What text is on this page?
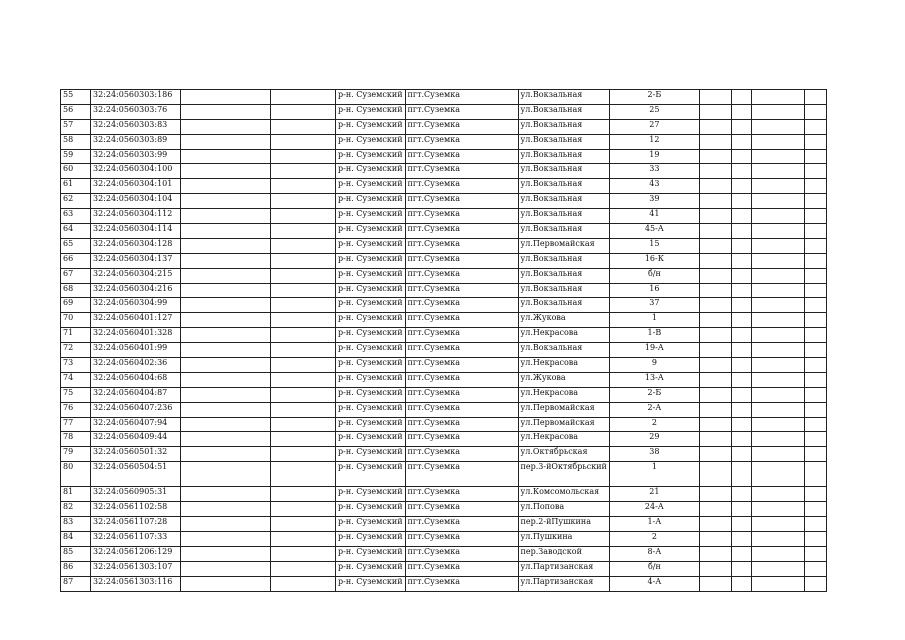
55	32:24:0560303:186			р-н. Суземский	пгт.Суземка	ул.Вокзальная	2-Б				
56	32:24:0560303:76			р-н. Суземский	пгт.Суземка	ул.Вокзальная	25				
57	32:24:0560303:83			р-н. Суземский	пгт.Суземка	ул.Вокзальная	27				
58	32:24:0560303:89			р-н. Суземский	пгт.Суземка	ул.Вокзальная	12				
59	32:24:0560303:99			р-н. Суземский	пгт.Суземка	ул.Вокзальная	19				
60	32:24:0560304:100			р-н. Суземский	пгт.Суземка	ул.Вокзальная	33				
61	32:24:0560304:101			р-н. Суземский	пгт.Суземка	ул.Вокзальная	43				
62	32:24:0560304:104			р-н. Суземский	пгт.Суземка	ул.Вокзальная	39				
63	32:24:0560304:112			р-н. Суземский	пгт.Суземка	ул.Вокзальная	41				
64	32:24:0560304:114			р-н. Суземский	пгт.Суземка	ул.Вокзальная	45-А				
65	32:24:0560304:128			р-н. Суземский	пгт.Суземка	ул.Первомайская	15				
66	32:24:0560304:137			р-н. Суземский	пгт.Суземка	ул.Вокзальная	16-К				
67	32:24:0560304:215			р-н. Суземский	пгт.Суземка	ул.Вокзальная	б/н				
68	32:24:0560304:216			р-н. Суземский	пгт.Суземка	ул.Вокзальная	16				
69	32:24:0560304:99			р-н. Суземский	пгт.Суземка	ул.Вокзальная	37				
70	32:24:0560401:127			р-н. Суземский	пгт.Суземка	ул.Жукова	1				
71	32:24:0560401:328			р-н. Суземский	пгт.Суземка	ул.Некрасова	1-В				
72	32:24:0560401:99			р-н. Суземский	пгт.Суземка	ул.Вокзальная	19-А				
73	32:24:0560402:36			р-н. Суземский	пгт.Суземка	ул.Некрасова	9				
74	32:24:0560404:68			р-н. Суземский	пгт.Суземка	ул.Жукова	13-А				
75	32:24:0560404:87			р-н. Суземский	пгт.Суземка	ул.Некрасова	2-Б				
76	32:24:0560407:236			р-н. Суземский	пгт.Суземка	ул.Первомайская	2-А				
77	32:24:0560407:94			р-н. Суземский	пгт.Суземка	ул.Первомайская	2				
78	32:24:0560409:44			р-н. Суземский	пгт.Суземка	ул.Некрасова	29				
79	32:24:0560501:32			р-н. Суземский	пгт.Суземка	ул.Октябрьская	38				
80	32:24:0560504:51			р-н. Суземский	пгт.Суземка	пер.3-йОктябрьский	1				
81	32:24:0560905:31			р-н. Суземский	пгт.Суземка	ул.Комсомольская	21				
82	32:24:0561102:58			р-н. Суземский	пгт.Суземка	ул.Попова	24-А				
83	32:24:0561107:28			р-н. Суземский	пгт.Суземка	пер.2-йПушкина	1-А				
84	32:24:0561107:33			р-н. Суземский	пгт.Суземка	ул.Пушкина	2				
85	32:24:0561206:129			р-н. Суземский	пгт.Суземка	пер.Заводской	8-А				
86	32:24:0561303:107			р-н. Суземский	пгт.Суземка	ул.Партизанская	б/н				
87	32:24:0561303:116			р-н. Суземский	пгт.Суземка	ул.Партизанская	4-А				
